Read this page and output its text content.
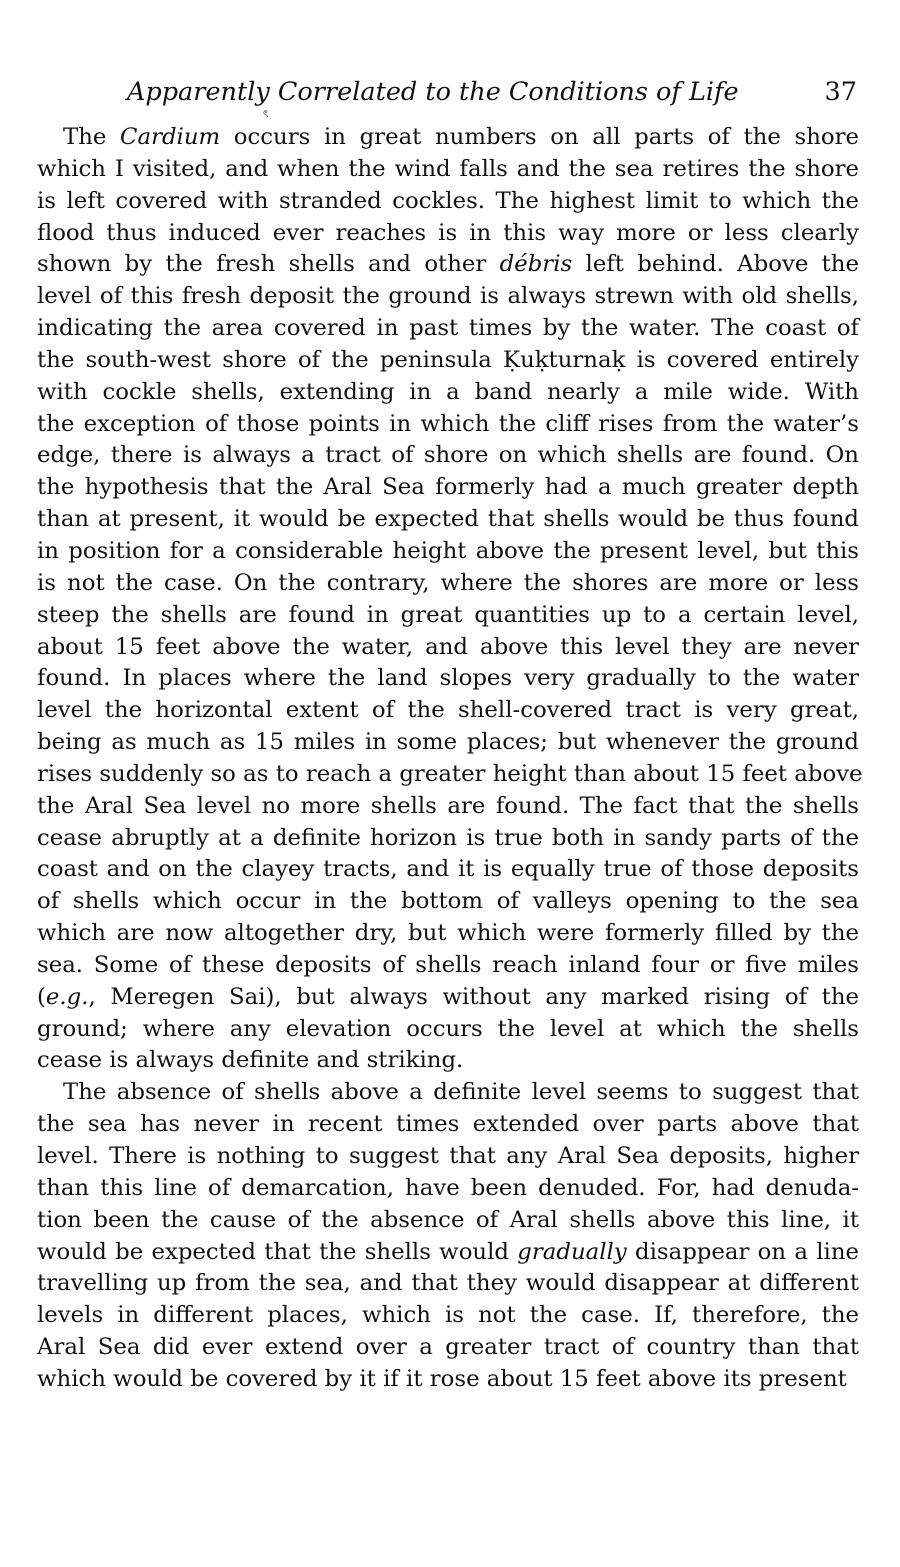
Apparently Correlated to the Conditions of Life	37
ৎ
The Cardium occurs in great numbers on all parts of the shore
which I visited, and when the wind falls and the sea retires the shore
is left covered with stranded cockles. The highest limit to which the
flood thus induced ever reaches is in this way more or less clearly
shown by the fresh shells and other débris left behind. Above the
level of this fresh deposit the ground is always strewn with old shells,
indicating the area covered in past times by the water. The coast of
the south-west shore of the peninsula Ḳuḳturnaḳ is covered entirely
with cockle shells, extending in a band nearly a mile wide. With
the exception of those points in which the cliff rises from the water’s
edge, there is always a tract of shore on which shells are found. On
the hypothesis that the Aral Sea formerly had a much greater depth
than at present, it would be expected that shells would be thus found
in position for a considerable height above the present level, but this
is not the case. On the contrary, where the shores are more or less
steep the shells are found in great quantities up to a certain level,
about 15 feet above the water, and above this level they are never
found. In places where the land slopes very gradually to the water
level the horizontal extent of the shell-covered tract is very great,
being as much as 15 miles in some places; but whenever the ground
rises suddenly so as to reach a greater height than about 15 feet above
the Aral Sea level no more shells are found. The fact that the shells
cease abruptly at a definite horizon is true both in sandy parts of the
coast and on the clayey tracts, and it is equally true of those deposits
of shells which occur in the bottom of valleys opening to the sea
which are now altogether dry, but which were formerly filled by the
sea. Some of these deposits of shells reach inland four or five miles
(e.g., Meregen Sai), but always without any marked rising of the
ground; where any elevation occurs the level at which the shells
cease is always definite and striking.
The absence of shells above a definite level seems to suggest that
the sea has never in recent times extended over parts above that
level. There is nothing to suggest that any Aral Sea deposits, higher
than this line of demarcation, have been denuded. For, had denuda-
tion been the cause of the absence of Aral shells above this line, it
would be expected that the shells would gradually disappear on a line
travelling up from the sea, and that they would disappear at different
levels in different places, which is not the case. If, therefore, the
Aral Sea did ever extend over a greater tract of country than that
which would be covered by it if it rose about 15 feet above its present
